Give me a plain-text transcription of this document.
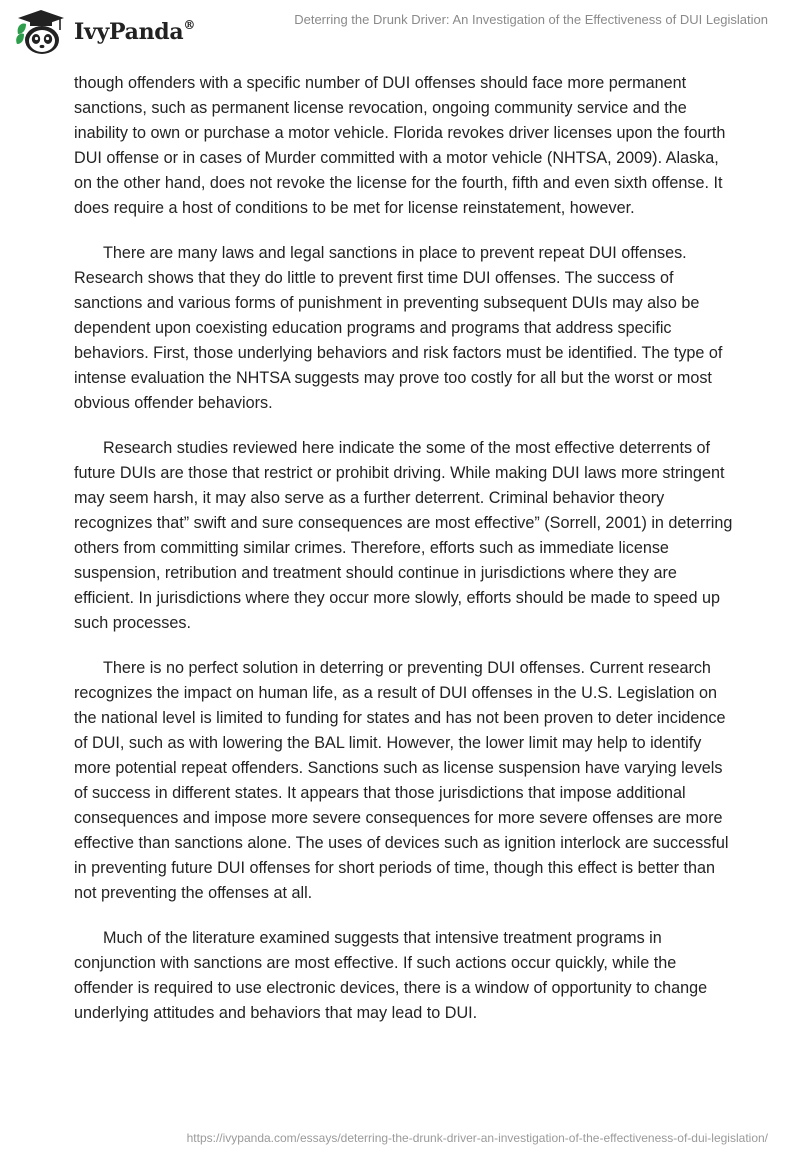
IvyPanda®	Deterring the Drunk Driver: An Investigation of the Effectiveness of DUI Legislation

though offenders with a specific number of DUI offenses should face more permanent sanctions, such as permanent license revocation, ongoing community service and the inability to own or purchase a motor vehicle. Florida revokes driver licenses upon the fourth DUI offense or in cases of Murder committed with a motor vehicle (NHTSA, 2009). Alaska, on the other hand, does not revoke the license for the fourth, fifth and even sixth offense. It does require a host of conditions to be met for license reinstatement, however.

There are many laws and legal sanctions in place to prevent repeat DUI offenses. Research shows that they do little to prevent first time DUI offenses. The success of sanctions and various forms of punishment in preventing subsequent DUIs may also be dependent upon coexisting education programs and programs that address specific behaviors. First, those underlying behaviors and risk factors must be identified. The type of intense evaluation the NHTSA suggests may prove too costly for all but the worst or most obvious offender behaviors.

Research studies reviewed here indicate the some of the most effective deterrents of future DUIs are those that restrict or prohibit driving. While making DUI laws more stringent may seem harsh, it may also serve as a further deterrent. Criminal behavior theory recognizes that” swift and sure consequences are most effective” (Sorrell, 2001) in deterring others from committing similar crimes. Therefore, efforts such as immediate license suspension, retribution and treatment should continue in jurisdictions where they are efficient. In jurisdictions where they occur more slowly, efforts should be made to speed up such processes.

There is no perfect solution in deterring or preventing DUI offenses. Current research recognizes the impact on human life, as a result of DUI offenses in the U.S. Legislation on the national level is limited to funding for states and has not been proven to deter incidence of DUI, such as with lowering the BAL limit. However, the lower limit may help to identify more potential repeat offenders. Sanctions such as license suspension have varying levels of success in different states. It appears that those jurisdictions that impose additional consequences and impose more severe consequences for more severe offenses are more effective than sanctions alone. The uses of devices such as ignition interlock are successful in preventing future DUI offenses for short periods of time, though this effect is better than not preventing the offenses at all.

Much of the literature examined suggests that intensive treatment programs in conjunction with sanctions are most effective. If such actions occur quickly, while the offender is required to use electronic devices, there is a window of opportunity to change underlying attitudes and behaviors that may lead to DUI.

https://ivypanda.com/essays/deterring-the-drunk-driver-an-investigation-of-the-effectiveness-of-dui-legislation/
